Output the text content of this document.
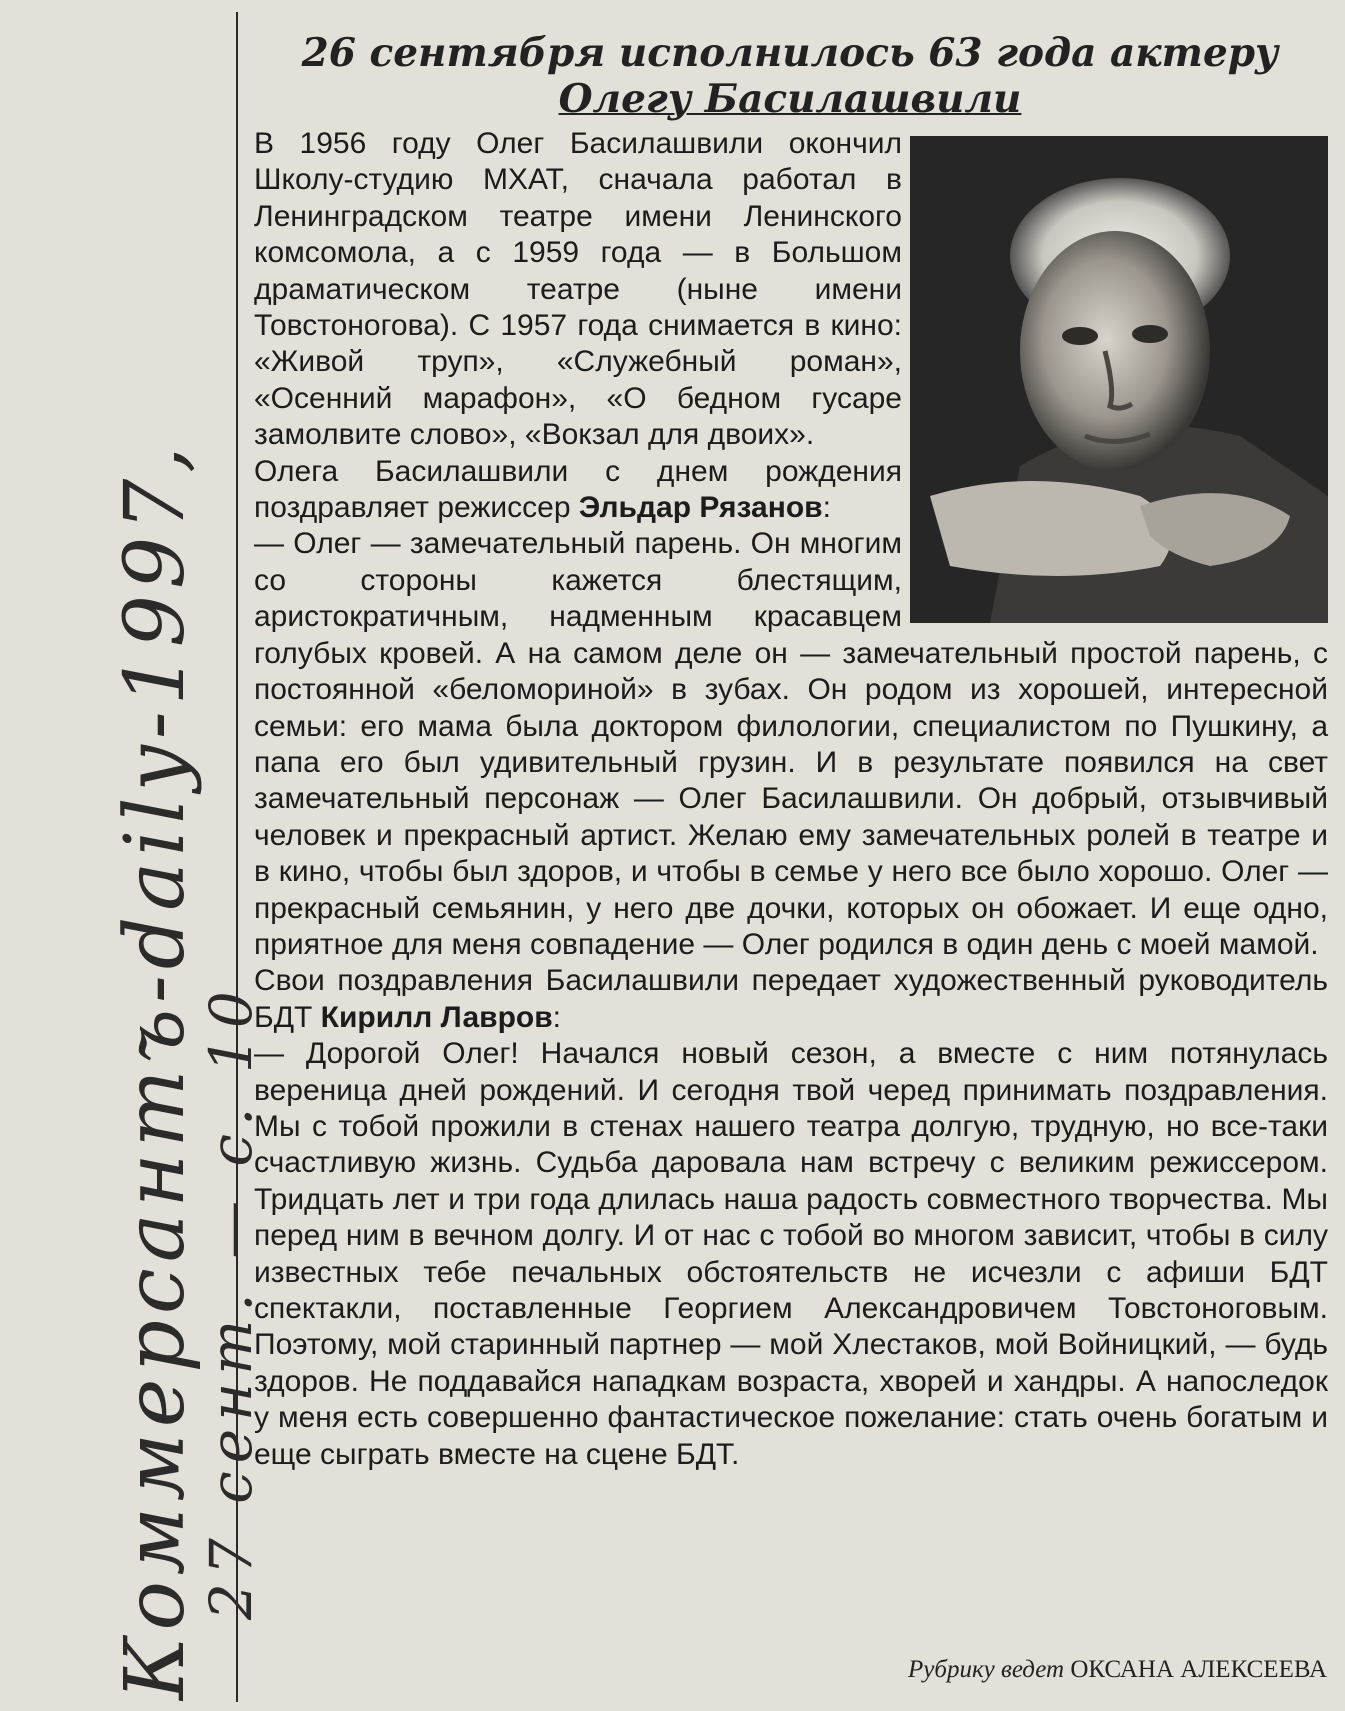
Коммерсантъ-daily-1997,
27 сент. — с. 10
26 сентября исполнилось 63 года актеру
Олегу Басилашвили

В 1956 году Олег Басилашвили окончил Школу-студию МХАТ, сначала работал в Ленинградском театре имени Ленинского комсомола, а с 1959 года — в Большом драматическом театре (ныне имени Товстоногова). С 1957 года снимается в кино: «Живой труп», «Служебный роман», «Осенний марафон», «О бедном гусаре замолвите слово», «Вокзал для двоих».

Олега Басилашвили с днем рождения поздравляет режиссер Эльдар Рязанов:

— Олег — замечательный парень. Он многим со стороны кажется блестящим, аристократичным, надменным красавцем голубых кровей. А на самом деле он — замечательный простой парень, с постоянной «беломориной» в зубах. Он родом из хорошей, интересной семьи: его мама была доктором филологии, специалистом по Пушкину, а папа его был удивительный грузин. И в результате появился на свет замечательный персонаж — Олег Басилашвили. Он добрый, отзывчивый человек и прекрасный артист. Желаю ему замечательных ролей в театре и в кино, чтобы был здоров, и чтобы в семье у него все было хорошо. Олег — прекрасный семьянин, у него две дочки, которых он обожает. И еще одно, приятное для меня совпадение — Олег родился в один день с моей мамой.

Свои поздравления Басилашвили передает художественный руководитель БДТ Кирилл Лавров:

— Дорогой Олег! Начался новый сезон, а вместе с ним потянулась вереница дней рождений. И сегодня твой черед принимать поздравления. Мы с тобой прожили в стенах нашего театра долгую, трудную, но все-таки счастливую жизнь. Судьба даровала нам встречу с великим режиссером. Тридцать лет и три года длилась наша радость совместного творчества. Мы перед ним в вечном долгу. И от нас с тобой во многом зависит, чтобы в силу известных тебе печальных обстоятельств не исчезли с афиши БДТ спектакли, поставленные Георгием Александровичем Товстоноговым. Поэтому, мой старинный партнер — мой Хлестаков, мой Войницкий, — будь здоров. Не поддавайся нападкам возраста, хворей и хандры. А напоследок у меня есть совершенно фантастическое пожелание: стать очень богатым и еще сыграть вместе на сцене БДТ.

Рубрику ведет ОКСАНА АЛЕКСЕЕВА
